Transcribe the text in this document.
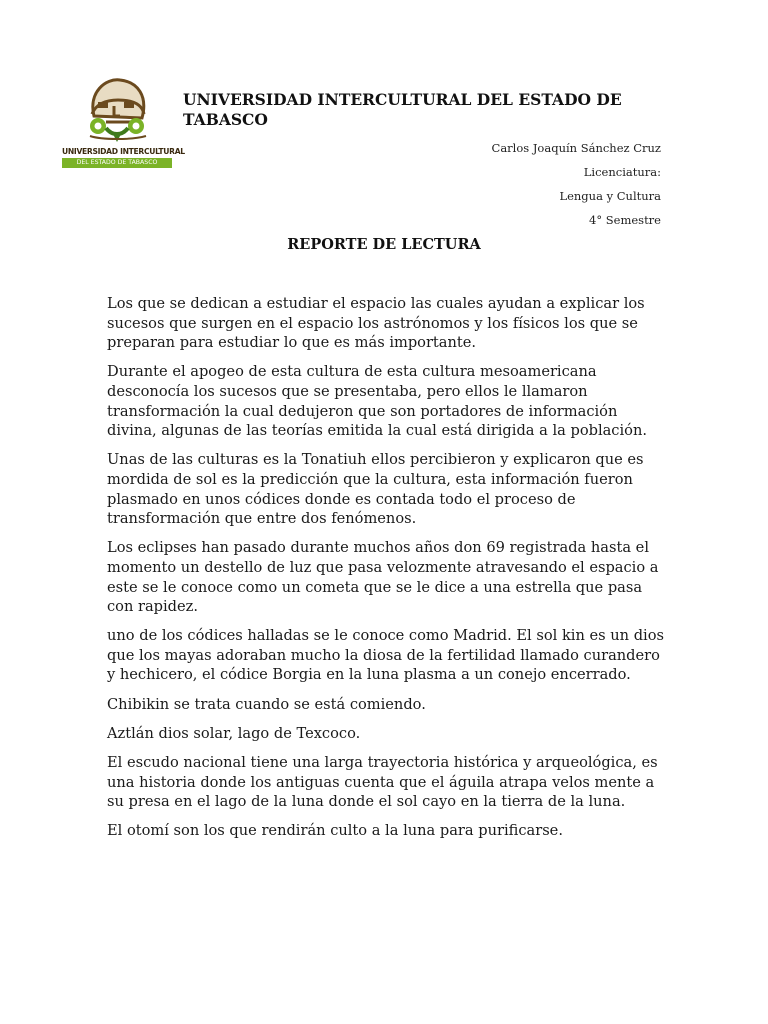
UNIVERSIDAD INTERCULTURAL
DEL ESTADO DE TABASCO
UNIVERSIDAD INTERCULTURAL DEL ESTADO DE TABASCO
Carlos Joaquín Sánchez Cruz
Licenciatura:
Lengua y Cultura
4° Semestre
REPORTE DE LECTURA

Los que se dedican a estudiar el espacio las cuales ayudan a explicar los sucesos que surgen en el espacio los astrónomos y los físicos los que se preparan para estudiar lo que es más importante.

Durante el apogeo de esta cultura de esta cultura mesoamericana desconocía los sucesos que se presentaba, pero ellos le llamaron transformación la cual dedujeron que son portadores de información divina, algunas de las teorías emitida la cual está dirigida a la población.

Unas de las culturas es la Tonatiuh ellos percibieron y explicaron que es mordida de sol es la predicción que la cultura, esta información fueron plasmado en unos códices donde es contada todo el proceso de transformación que entre dos fenómenos.

Los eclipses han pasado durante muchos años don 69 registrada hasta el momento un destello de luz que pasa velozmente atravesando el espacio a este se le conoce como un cometa que se le dice a una estrella que pasa con rapidez.

uno de los códices halladas se le conoce como Madrid. El sol kin es un dios que los mayas adoraban mucho la diosa de la fertilidad llamado curandero y hechicero, el códice Borgia en la luna plasma a un conejo encerrado.

Chibikin se trata cuando se está comiendo.

Aztlán dios solar, lago de Texcoco.

El escudo nacional tiene una larga trayectoria histórica y arqueológica, es una historia donde los antiguas cuenta que el águila atrapa velos mente a su presa en el lago de la luna donde el sol cayo en la tierra de la luna.

El otomí son los que rendirán culto a la luna para purificarse.
